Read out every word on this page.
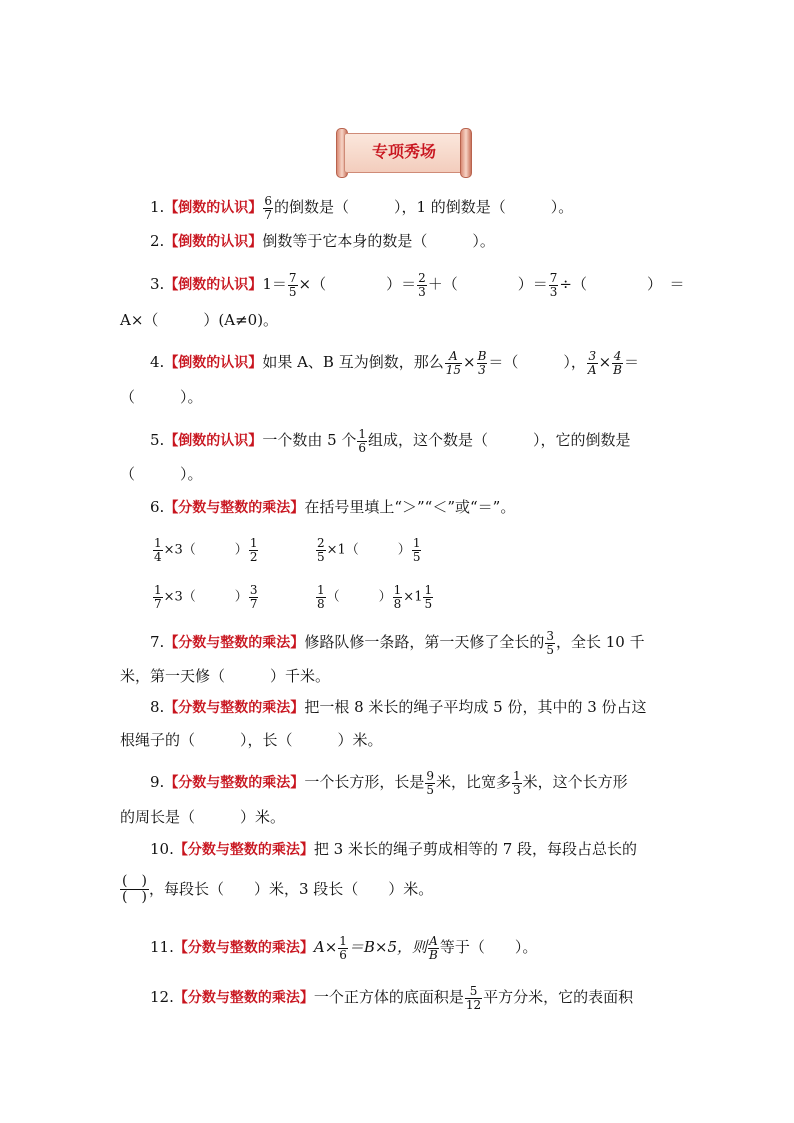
专项秀场
1.【倒数的认识】 $\frac{6}{7}$ 的倒数是（　　　），1 的倒数是（　　　）。
2.【倒数的认识】倒数等于它本身的数是（　　　）。
3.【倒数的认识】$1= \frac{7}{5}$ ×（　　　　）＝ $\frac{2}{3}$ ＋（　　　　）＝ $\frac{7}{3}$ ÷（　　　　）　＝
A×（　　　）(A≠0)。
4.【倒数的认识】如果 A、B 互为倒数，那么 $\frac{A}{15} \times \frac{B}{3}$ ＝（　　　）， $\frac{3}{A} \times \frac{4}{B}$ ＝
（　　　）。
5.【倒数的认识】一个数由 5 个 $\frac{1}{6}$ 组成，这个数是（　　　），它的倒数是
（　　　）。
6.【分数与整数的乘法】在括号里填上“＞”“＜”或“＝”。
$\frac{1}{4} \times 3$（　　　） $\frac{1}{2}$	$\frac{2}{5} \times 1$（　　　） $\frac{1}{5}$
$\frac{1}{7} \times 3$（　　　） $\frac{3}{7}$	$\frac{1}{8}$ （　　　） $\frac{1}{8} \times 1 \frac{1}{5}$
7.【分数与整数的乘法】修路队修一条路，第一天修了全长的 $\frac{3}{5}$ ，全长 10 千
米，第一天修（　　　）千米。
8.【分数与整数的乘法】把一根 8 米长的绳子平均成 5 份，其中的 3 份占这
根绳子的（　　　），长（　　　）米。
9.【分数与整数的乘法】一个长方形，长是 $\frac{9}{5}$ 米，比宽多 $\frac{1}{3}$ 米，这个长方形
的周长是（　　　）米。
10.【分数与整数的乘法】把 3 米长的绳子剪成相等的 7 段，每段占总长的
$\frac{( )}{( )}$ ，每段长（　　）米，3 段长（　　）米。
11.【分数与整数的乘法】$A\times \frac{1}{6} =B\times 5$，则 $\frac{A}{B}$ 等于（　　）。
12.【分数与整数的乘法】一个正方体的底面积是 $\frac{5}{12}$ 平方分米，它的表面积
